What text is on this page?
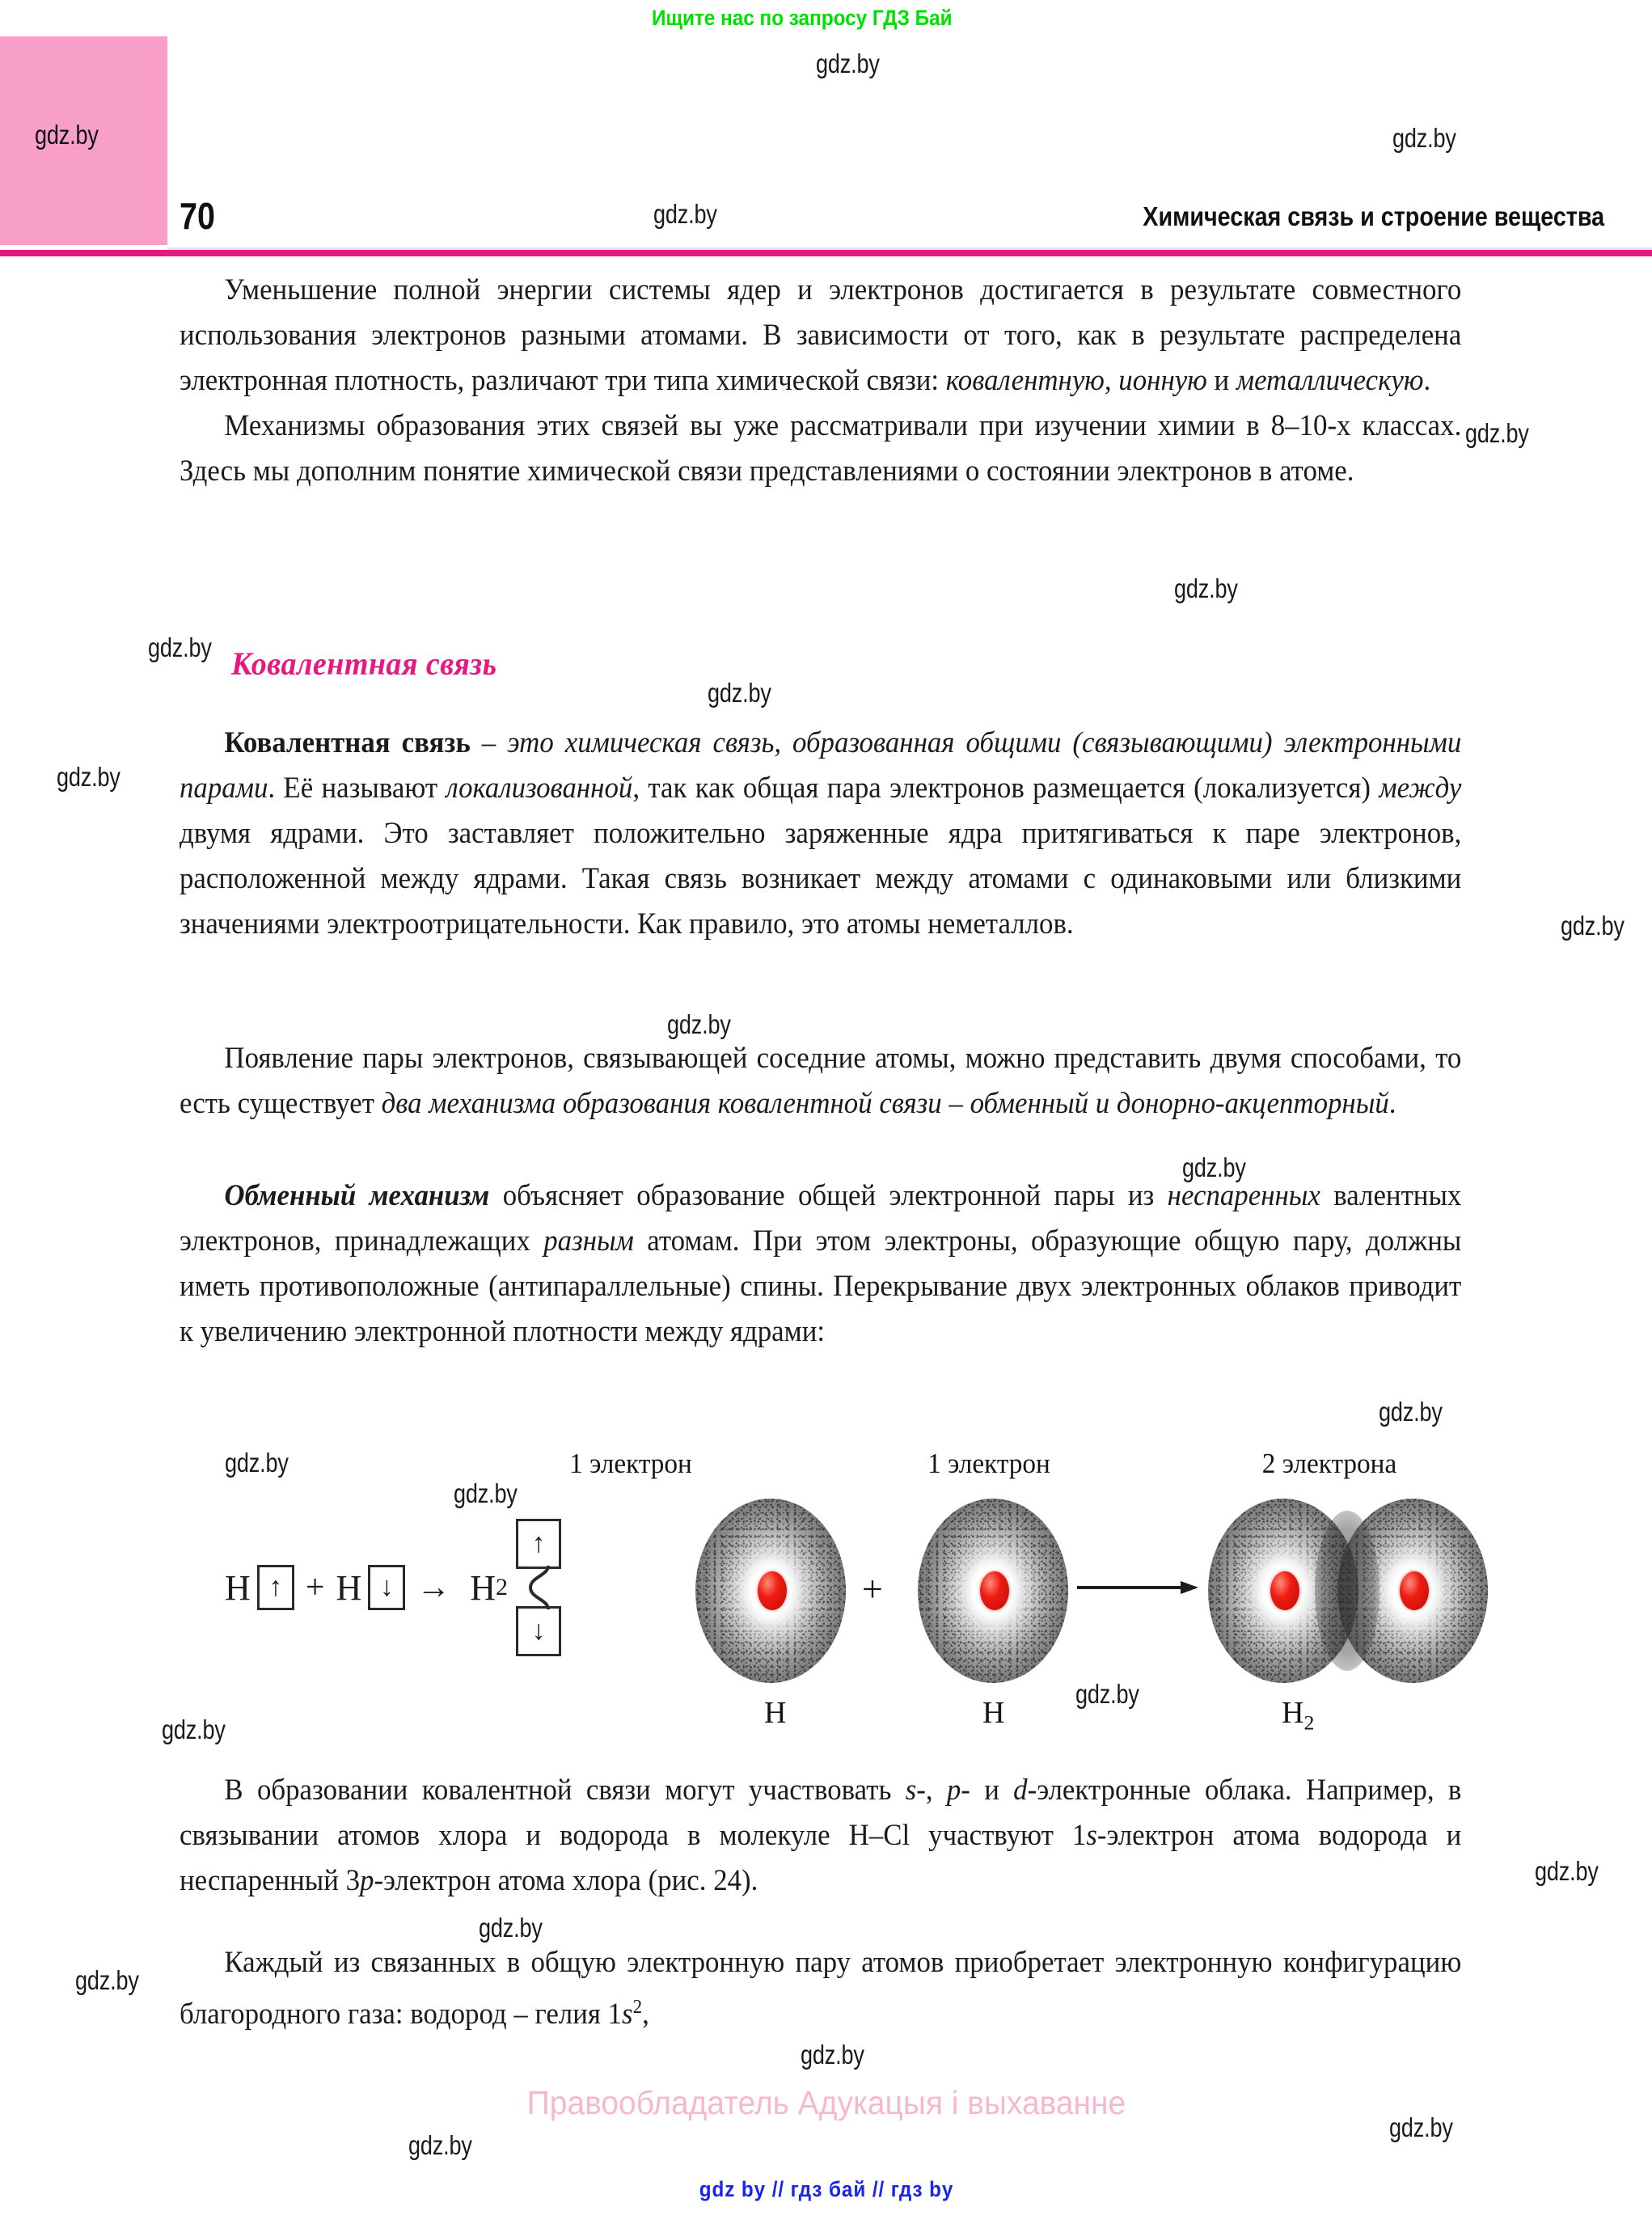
Ищите нас по запросу ГДЗ Бай
gdz.by
70	Химическая связь и строение вещества

Уменьшение полной энергии системы ядер и электронов достигается в результате совместного использования электронов разными атомами. В зависимости от того, как в результате распределена электронная плотность, различают три типа химической связи: ковалентную, ионную и металлическую.

Механизмы образования этих связей вы уже рассматривали при изучении химии в 8–10-х классах. Здесь мы дополним понятие химической связи представлениями о состоянии электронов в атоме.

Ковалентная связь

Ковалентная связь – это химическая связь, образованная общими (связывающими) электронными парами. Её называют локализованной, так как общая пара электронов размещается (локализуется) между двумя ядрами. Это заставляет положительно заряженные ядра притягиваться к паре электронов, расположенной между ядрами. Такая связь возникает между атомами с одинаковыми или близкими значениями электроотрицательности. Как правило, это атомы неметаллов.

Появление пары электронов, связывающей соседние атомы, можно представить двумя способами, то есть существует два механизма образования ковалентной связи – обменный и донорно-акцепторный.

Обменный механизм объясняет образование общей электронной пары из неспаренных валентных электронов, принадлежащих разным атомам. При этом электроны, образующие общую пару, должны иметь противоположные (антипараллельные) спины. Перекрывание двух электронных облаков приводит к увеличению электронной плотности между ядрами:

H ↑ + H ↓ → H 2
↑
↓
1 электрон	1 электрон	2 электрона
H
+
H	$H_2$

В образовании ковалентной связи могут участвовать s-, p- и d-электронные облака. Например, в связывании атомов хлора и водорода в молекуле H–Cl участвуют 1s-электрон атома водорода и неспаренный 3p-электрон атома хлора (рис. 24).

Каждый из связанных в общую электронную пару атомов приобретает электронную конфигурацию благородного газа: водород – гелия $1s^2$,

Правообладатель Адукацыя і выхаванне
gdz by // гдз бай // гдз by
gdz.by
gdz.by
gdz.by
gdz.by
gdz.by
gdz.by
gdz.by
gdz.by
gdz.by
gdz.by
gdz.by
gdz.by
gdz.by
gdz.by
gdz.by
gdz.by
gdz.by
gdz.by
gdz.by
gdz.by
gdz.by
gdz.by
